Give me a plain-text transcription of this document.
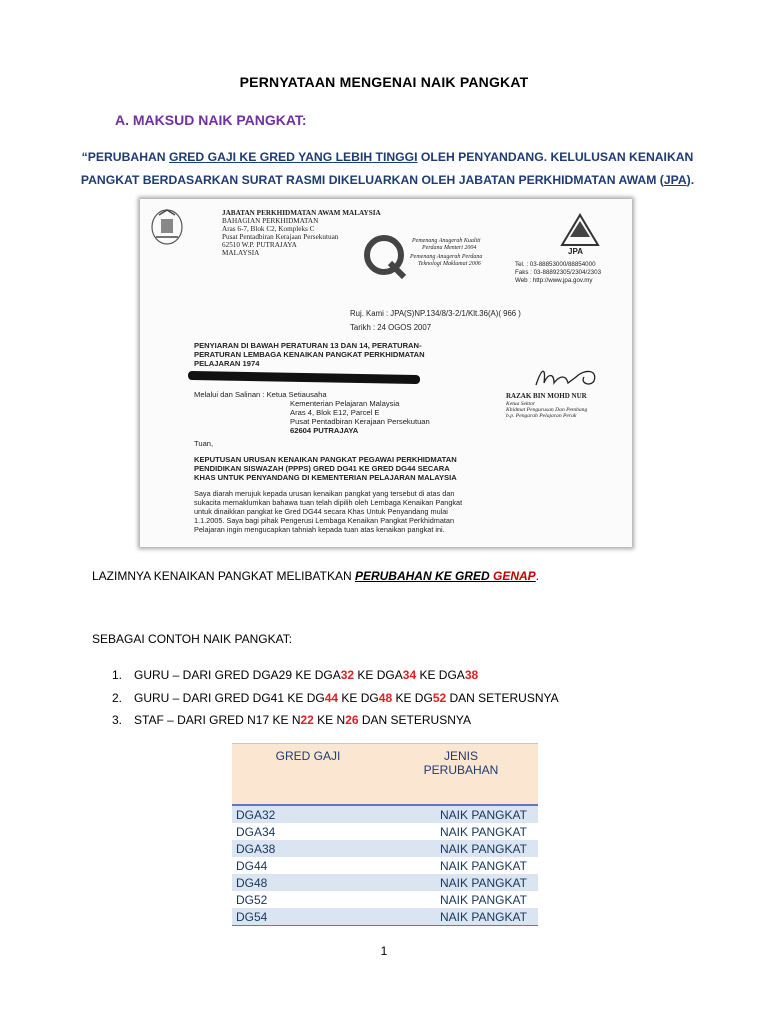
PERNYATAAN MENGENAI NAIK PANGKAT
A. MAKSUD NAIK PANGKAT:
“PERUBAHAN GRED GAJI KE GRED YANG LEBIH TINGGI OLEH PENYANDANG. KELULUSAN KENAIKAN PANGKAT BERDASARKAN SURAT RASMI DIKELUARKAN OLEH JABATAN PERKHIDMATAN AWAM (JPA).
JABATAN PERKHIDMATAN AWAM MALAYSIA
BAHAGIAN PERKHIDMATAN
Aras 6-7, Blok C2, Kompleks C
Pusat Pentadbiran Kerajaan Persekutuan
62510 W.P. PUTRAJAYA
MALAYSIA
Pemenang Anugerah Kualiti
Perdana Menteri 2004
Pemenang Anugerah Perdana
Teknologi Maklumat 2006
JPA
Tel. : 03-88853000/88854000
Faks : 03-88892305/2304/2303
Web : http://www.jpa.gov.my
Ruj. Kami : JPA(S)NP.134/8/3-2/1/Klt.36(A)( 966 )
Tarikh : 24 OGOS 2007
PENYIARAN DI BAWAH PERATURAN 13 DAN 14, PERATURAN-
PERATURAN LEMBAGA KENAIKAN PANGKAT PERKHIDMATAN
PELAJARAN 1974
RAZAK BIN MOHD NUR
Ketua Sektor
Khidmat Pengurusan Dan Pembang
b.p. Pengarah Pelajaran Perak
Melalui dan Salinan : Ketua Setiausaha
Kementerian Pelajaran Malaysia
Aras 4, Blok E12, Parcel E
Pusat Pentadbiran Kerajaan Persekutuan
62604 PUTRAJAYA
Tuan,
KEPUTUSAN URUSAN KENAIKAN PANGKAT PEGAWAI PERKHIDMATAN
PENDIDIKAN SISWAZAH (PPPS) GRED DG41 KE GRED DG44 SECARA
KHAS UNTUK PENYANDANG DI KEMENTERIAN PELAJARAN MALAYSIA
Saya diarah merujuk kepada urusan kenaikan pangkat yang tersebut di atas dan
sukacita memaklumkan bahawa tuan telah dipilih oleh Lembaga Kenaikan Pangkat
untuk dinaikkan pangkat ke Gred DG44 secara Khas Untuk Penyandang mulai
1.1.2005. Saya bagi pihak Pengerusi Lembaga Kenaikan Pangkat Perkhidmatan
Pelajaran ingin mengucapkan tahniah kepada tuan atas kenaikan pangkat ini.
LAZIMNYA KENAIKAN PANGKAT MELIBATKAN PERUBAHAN KE GRED GENAP.
SEBAGAI CONTOH NAIK PANGKAT:
1. GURU – DARI GRED DGA29 KE DGA32 KE DGA34 KE DGA38
2. GURU – DARI GRED DG41 KE DG44 KE DG48 KE DG52 DAN SETERUSNYA
3. STAF – DARI GRED N17 KE N22 KE N26 DAN SETERUSNYA
GRED GAJI	JENIS
PERUBAHAN
DGA32	NAIK PANGKAT
DGA34	NAIK PANGKAT
DGA38	NAIK PANGKAT
DG44	NAIK PANGKAT
DG48	NAIK PANGKAT
DG52	NAIK PANGKAT
DG54	NAIK PANGKAT
1
